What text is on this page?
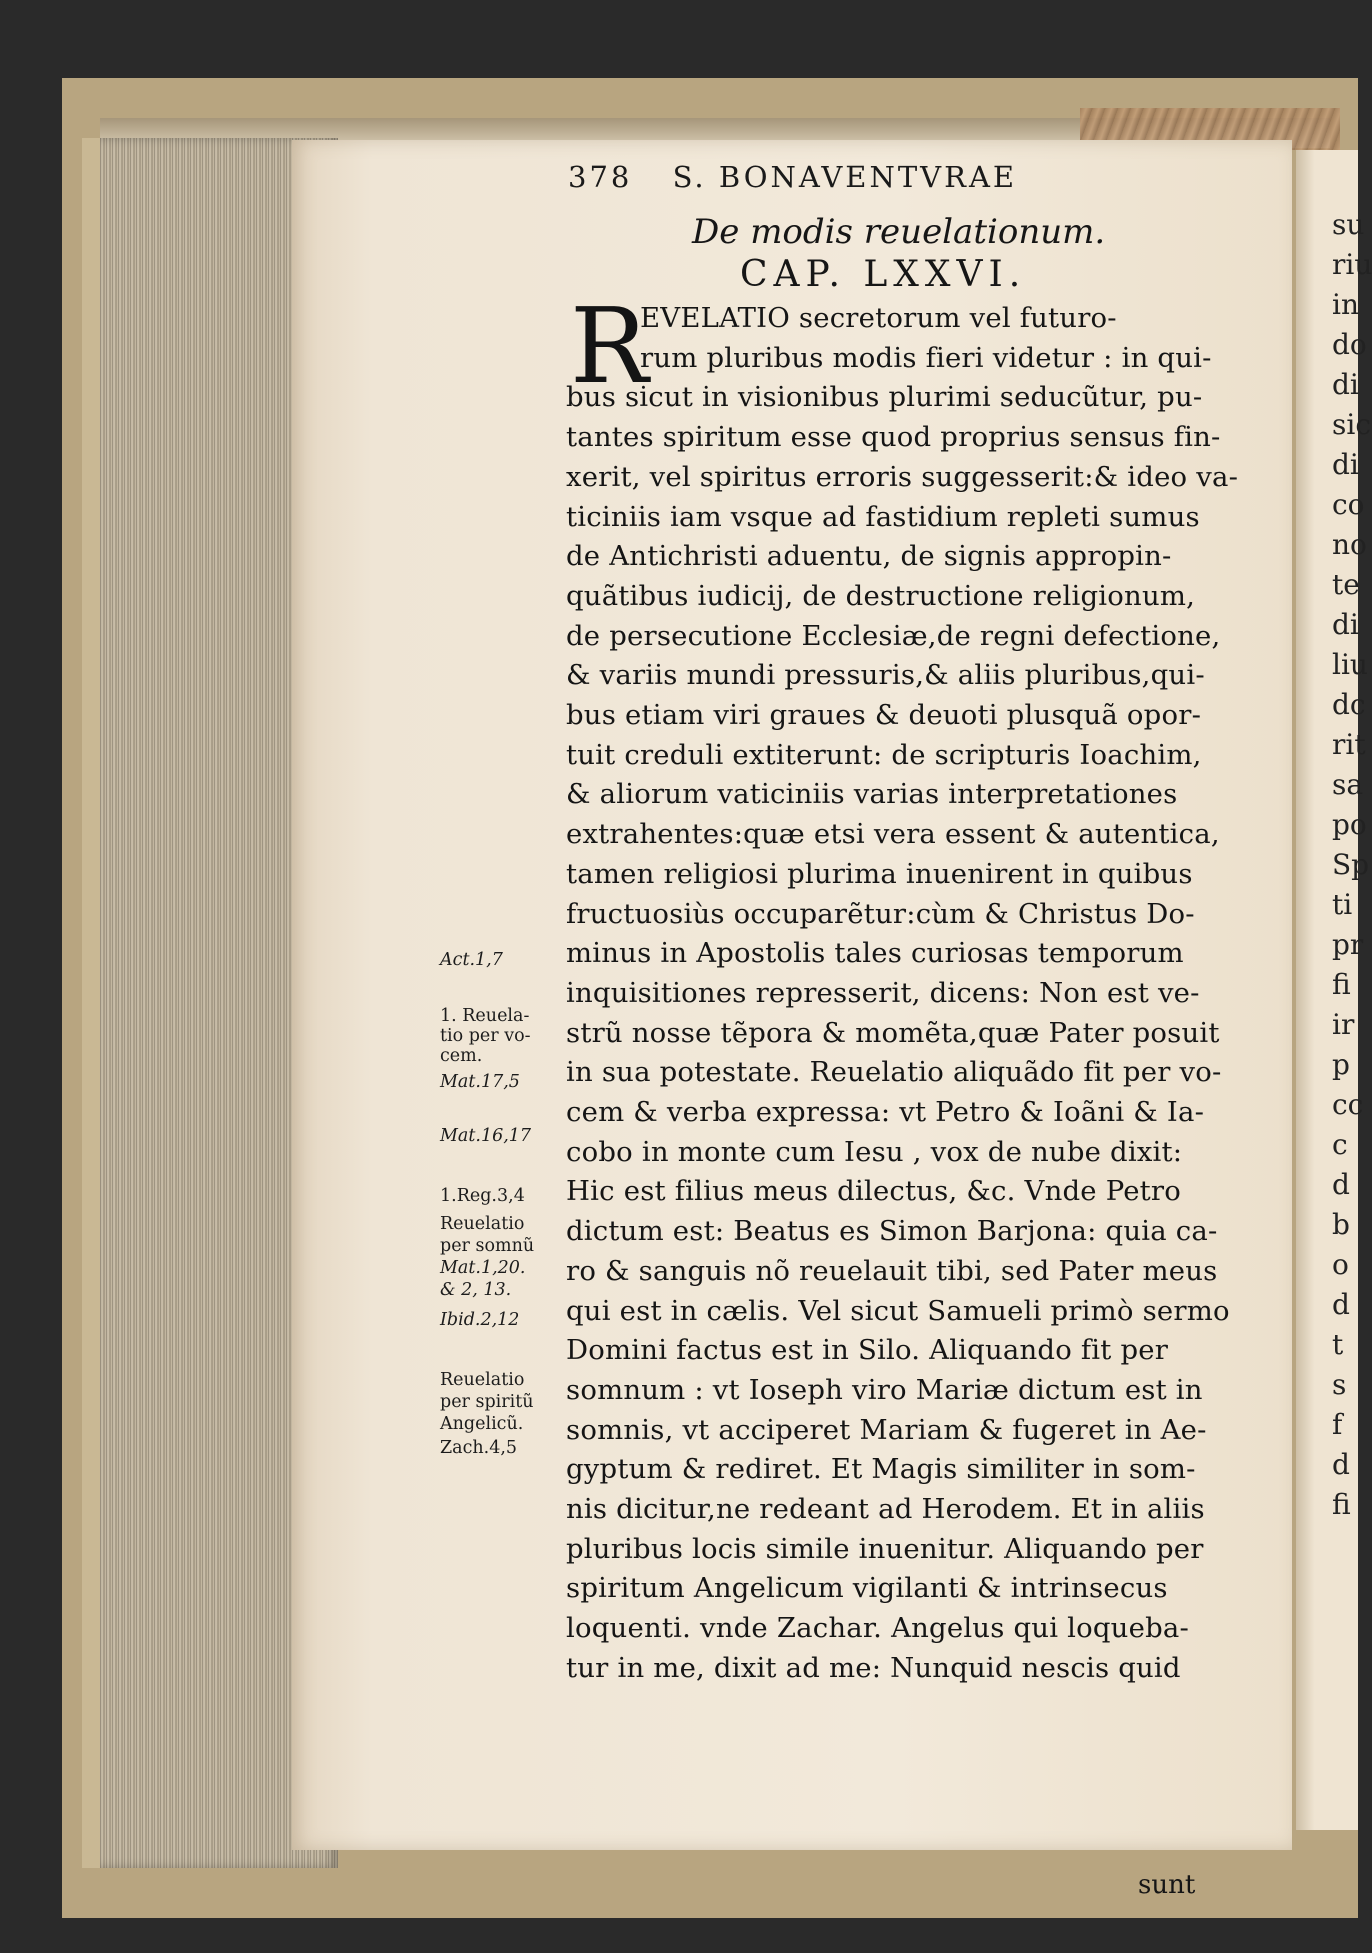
su
riu
in
do
di
sic
di
co
no
te
di
liu
dc
rit
sa
po
Sp
ti
pr
fi
ir
p
cc
c
d
b
o
d
t
s
f
d
fi
378 S. BONAVENTVRAE
De modis reuelationum.
CAP. LXXVI.
R
EVELATIO secretorum vel futuro-
rum pluribus modis fieri videtur : in qui-
bus sicut in visionibus plurimi seducũtur, pu-
tantes spiritum esse quod proprius sensus fin-
xerit, vel spiritus erroris suggesserit:& ideo va-
ticiniis iam vsque ad fastidium repleti sumus
de Antichristi aduentu, de signis appropin-
quãtibus iudicij, de destructione religionum,
de persecutione Ecclesiæ,de regni defectione,
& variis mundi pressuris,& aliis pluribus,qui-
bus etiam viri graues & deuoti plusquã opor-
tuit creduli extiterunt: de scripturis Ioachim,
& aliorum vaticiniis varias interpretationes
extrahentes:quæ etsi vera essent & autentica,
tamen religiosi plurima inuenirent in quibus
fructuosiùs occuparẽtur:cùm & Christus Do-
minus in Apostolis tales curiosas temporum
inquisitiones represserit, dicens: Non est ve-
strũ nosse tẽpora & momẽta,quæ Pater posuit
in sua potestate. Reuelatio aliquãdo fit per vo-
cem & verba expressa: vt Petro & Ioãni & Ia-
cobo in monte cum Iesu , vox de nube dixit:
Hic est filius meus dilectus, &c. Vnde Petro
dictum est: Beatus es Simon Barjona: quia ca-
ro & sanguis nõ reuelauit tibi, sed Pater meus
qui est in cælis. Vel sicut Samueli primò sermo
Domini factus est in Silo. Aliquando fit per
somnum : vt Ioseph viro Mariæ dictum est in
somnis, vt acciperet Mariam & fugeret in Ae-
gyptum & rediret. Et Magis similiter in som-
nis dicitur,ne redeant ad Herodem. Et in aliis
pluribus locis simile inuenitur. Aliquando per
spiritum Angelicum vigilanti & intrinsecus
loquenti. vnde Zachar. Angelus qui loqueba-
tur in me, dixit ad me: Nunquid nescis quid
Act.1,7
1. Reuela-
tio per vo-
cem.
Mat.17,5
Mat.16,17
1.Reg.3,4
Reuelatio
per somnũ
Mat.1,20.
& 2, 13.
Ibid.2,12
Reuelatio
per spiritũ
Angelicũ.
Zach.4,5
sunt
